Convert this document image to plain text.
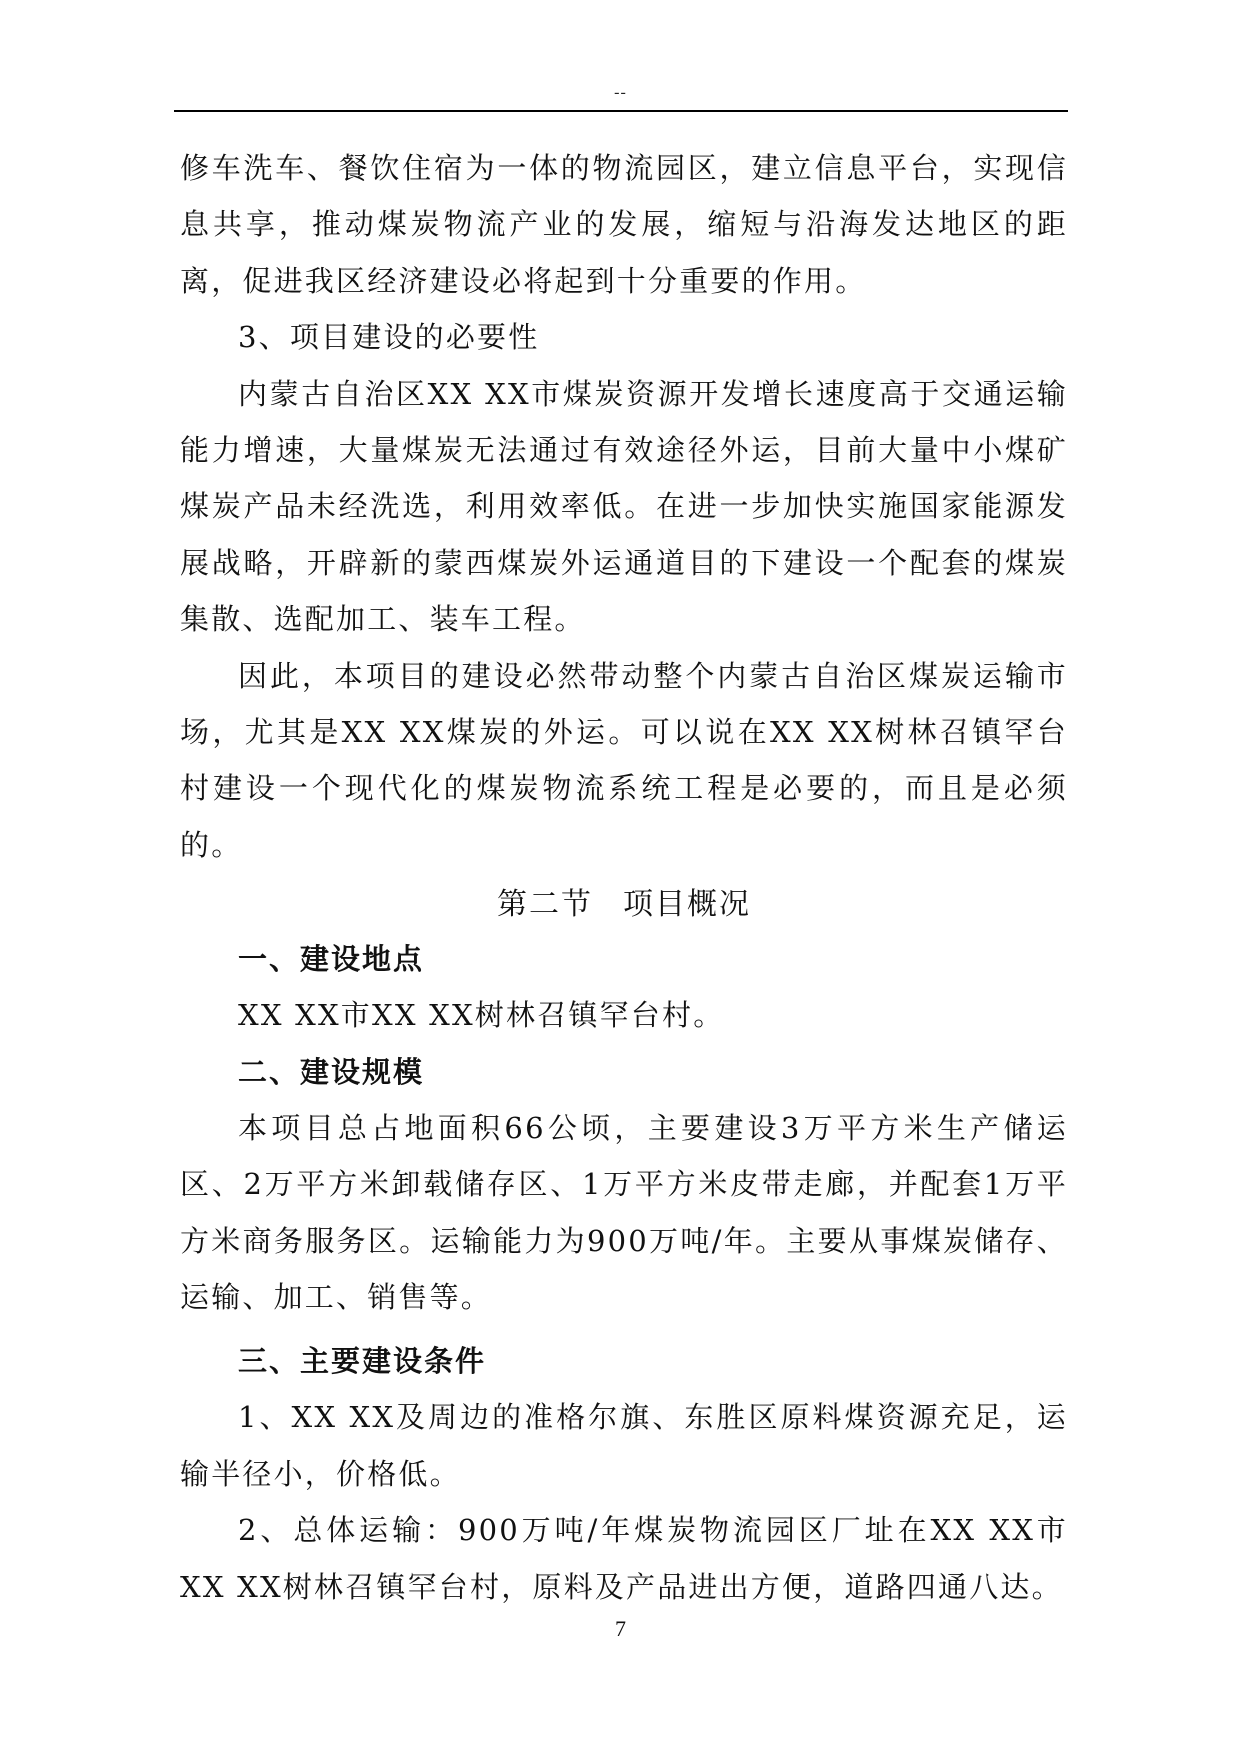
--

修车洗车、餐饮住宿为一体的物流园区，建立信息平台，实现信息共享，推动煤炭物流产业的发展，缩短与沿海发达地区的距离，促进我区经济建设必将起到十分重要的作用。

3、项目建设的必要性

内蒙古自治区XX XX市煤炭资源开发增长速度高于交通运输能力增速，大量煤炭无法通过有效途径外运，目前大量中小煤矿煤炭产品未经洗选，利用效率低。在进一步加快实施国家能源发展战略，开辟新的蒙西煤炭外运通道目的下建设一个配套的煤炭集散、选配加工、装车工程。

因此，本项目的建设必然带动整个内蒙古自治区煤炭运输市场，尤其是XX XX煤炭的外运。可以说在XX XX树林召镇罕台村建设一个现代化的煤炭物流系统工程是必要的，而且是必须的。

第二节 项目概况

一、建设地点

XX XX市XX XX树林召镇罕台村。

二、建设规模

本项目总占地面积66公顷，主要建设3万平方米生产储运区、2万平方米卸载储存区、1万平方米皮带走廊，并配套1万平方米商务服务区。运输能力为900万吨/年。主要从事煤炭储存、运输、加工、销售等。

三、主要建设条件

1、XX XX及周边的准格尔旗、东胜区原料煤资源充足，运输半径小，价格低。

2、总体运输：900万吨/年煤炭物流园区厂址在XX XX市XX XX树林召镇罕台村，原料及产品进出方便，道路四通八达。

7
